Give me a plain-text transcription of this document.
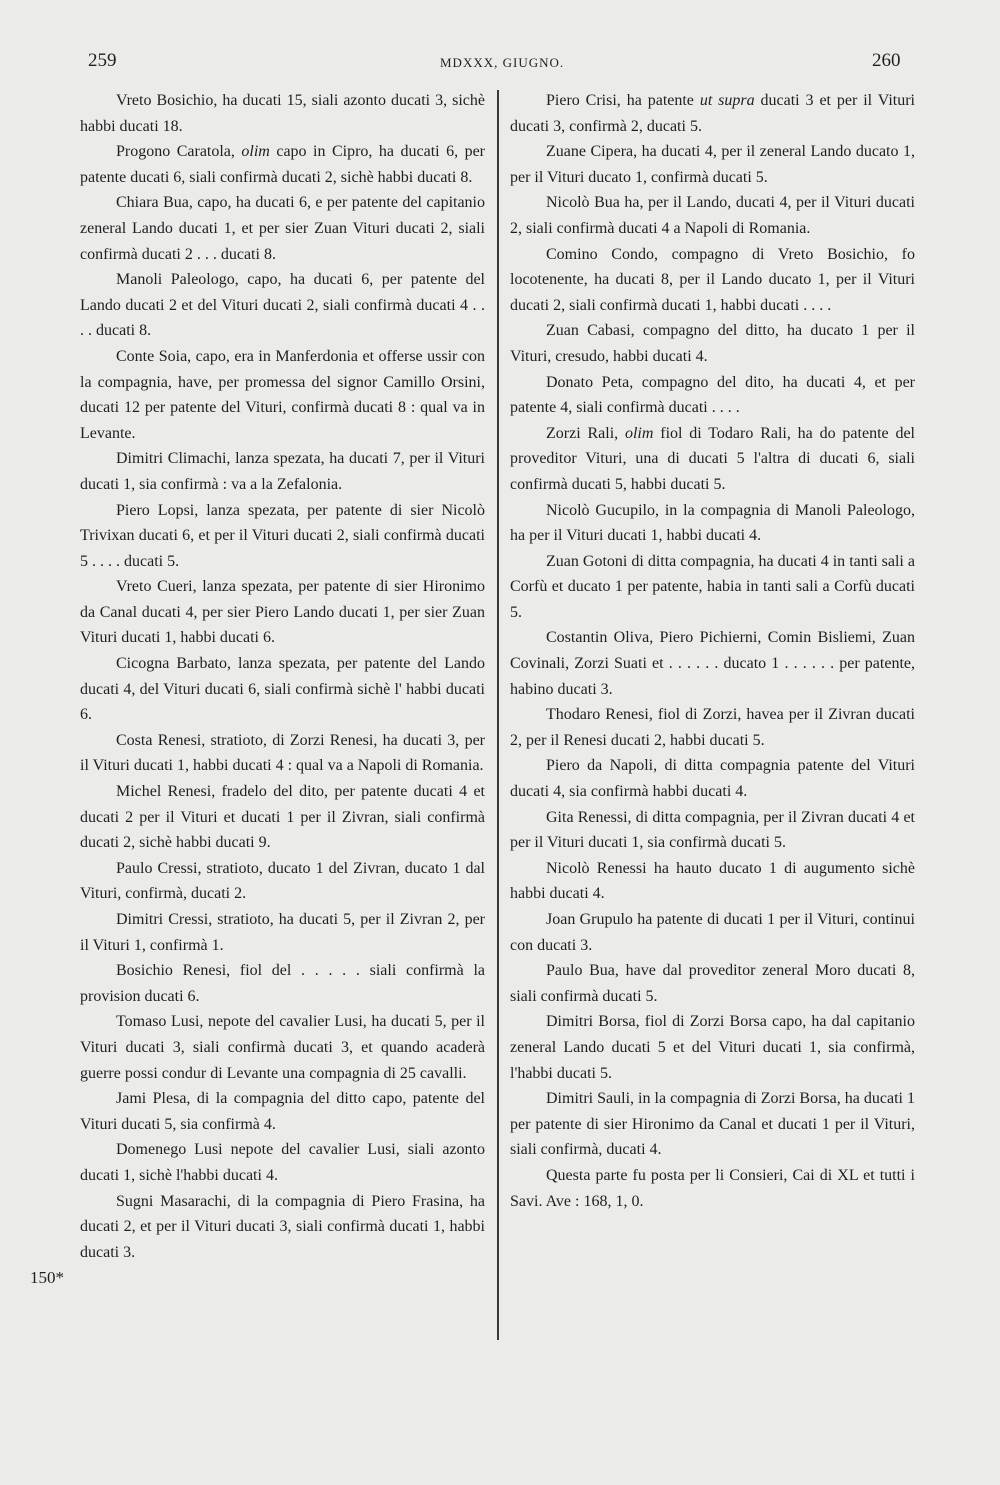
259	MDXXX, GIUGNO.	260

Vreto Bosichio, ha ducati 15, siali azonto ducati 3, sichè habbi ducati 18.

Progono Caratola, olim capo in Cipro, ha ducati 6, per patente ducati 6, siali confirmà ducati 2, sichè habbi ducati 8.

Chiara Bua, capo, ha ducati 6, e per patente del capitanio zeneral Lando ducati 1, et per sier Zuan Vituri ducati 2, siali confirmà ducati 2 . . . ducati 8.

Manoli Paleologo, capo, ha ducati 6, per patente del Lando ducati 2 et del Vituri ducati 2, siali confirmà ducati 4 . . . . ducati 8.

Conte Soia, capo, era in Manferdonia et offerse ussir con la compagnia, have, per promessa del signor Camillo Orsini, ducati 12 per patente del Vituri, confirmà ducati 8 : qual va in Levante.

Dimitri Climachi, lanza spezata, ha ducati 7, per il Vituri ducati 1, sia confirmà : va a la Zefalonia.

Piero Lopsi, lanza spezata, per patente di sier Nicolò Trivixan ducati 6, et per il Vituri ducati 2, siali confirmà ducati 5 . . . . ducati 5.

Vreto Cueri, lanza spezata, per patente di sier Hironimo da Canal ducati 4, per sier Piero Lando ducati 1, per sier Zuan Vituri ducati 1, habbi ducati 6.

Cicogna Barbato, lanza spezata, per patente del Lando ducati 4, del Vituri ducati 6, siali confirmà sichè l' habbi ducati 6.

Costa Renesi, stratioto, di Zorzi Renesi, ha ducati 3, per il Vituri ducati 1, habbi ducati 4 : qual va a Napoli di Romania.

Michel Renesi, fradelo del dito, per patente ducati 4 et ducati 2 per il Vituri et ducati 1 per il Zivran, siali confirmà ducati 2, sichè habbi ducati 9.

Paulo Cressi, stratioto, ducato 1 del Zivran, ducato 1 dal Vituri, confirmà, ducati 2.

Dimitri Cressi, stratioto, ha ducati 5, per il Zivran 2, per il Vituri 1, confirmà 1.

Bosichio Renesi, fiol del . . . . . siali confirmà la provision ducati 6.

Tomaso Lusi, nepote del cavalier Lusi, ha ducati 5, per il Vituri ducati 3, siali confirmà ducati 3, et quando acaderà guerre possi condur di Levante una compagnia di 25 cavalli.

Jami Plesa, di la compagnia del ditto capo, patente del Vituri ducati 5, sia confirmà 4.

Domenego Lusi nepote del cavalier Lusi, siali azonto ducati 1, sichè l'habbi ducati 4.

Sugni Masarachi, di la compagnia di Piero Frasina, ha ducati 2, et per il Vituri ducati 3, siali confirmà ducati 1, habbi ducati 3.

Piero Crisi, ha patente ut supra ducati 3 et per il Vituri ducati 3, confirmà 2, ducati 5.

Zuane Cipera, ha ducati 4, per il zeneral Lando ducato 1, per il Vituri ducato 1, confirmà ducati 5.

Nicolò Bua ha, per il Lando, ducati 4, per il Vituri ducati 2, siali confirmà ducati 4 a Napoli di Romania.

Comino Condo, compagno di Vreto Bosichio, fo locotenente, ha ducati 8, per il Lando ducato 1, per il Vituri ducati 2, siali confirmà ducati 1, habbi ducati . . . .

Zuan Cabasi, compagno del ditto, ha ducato 1 per il Vituri, cresudo, habbi ducati 4.

Donato Peta, compagno del dito, ha ducati 4, et per patente 4, siali confirmà ducati . . . .

Zorzi Rali, olim fiol di Todaro Rali, ha do patente del proveditor Vituri, una di ducati 5 l'altra di ducati 6, siali confirmà ducati 5, habbi ducati 5.

Nicolò Gucupilo, in la compagnia di Manoli Paleologo, ha per il Vituri ducati 1, habbi ducati 4.

Zuan Gotoni di ditta compagnia, ha ducati 4 in tanti sali a Corfù et ducato 1 per patente, habia in tanti sali a Corfù ducati 5.

Costantin Oliva, Piero Pichierni, Comin Bisliemi, Zuan Covinali, Zorzi Suati et . . . . . . ducato 1 . . . . . . per patente, habino ducati 3.

Thodaro Renesi, fiol di Zorzi, havea per il Zivran ducati 2, per il Renesi ducati 2, habbi ducati 5.

Piero da Napoli, di ditta compagnia patente del Vituri ducati 4, sia confirmà habbi ducati 4.

Gita Renessi, di ditta compagnia, per il Zivran ducati 4 et per il Vituri ducati 1, sia confirmà ducati 5.

Nicolò Renessi ha hauto ducato 1 di augumento sichè habbi ducati 4.

Joan Grupulo ha patente di ducati 1 per il Vituri, continui con ducati 3.

Paulo Bua, have dal proveditor zeneral Moro ducati 8, siali confirmà ducati 5.

Dimitri Borsa, fiol di Zorzi Borsa capo, ha dal capitanio zeneral Lando ducati 5 et del Vituri ducati 1, sia confirmà, l'habbi ducati 5.

Dimitri Sauli, in la compagnia di Zorzi Borsa, ha ducati 1 per patente di sier Hironimo da Canal et ducati 1 per il Vituri, siali confirmà, ducati 4.

Questa parte fu posta per li Consieri, Cai di XL et tutti i Savi. Ave : 168, 1, 0.

150*
